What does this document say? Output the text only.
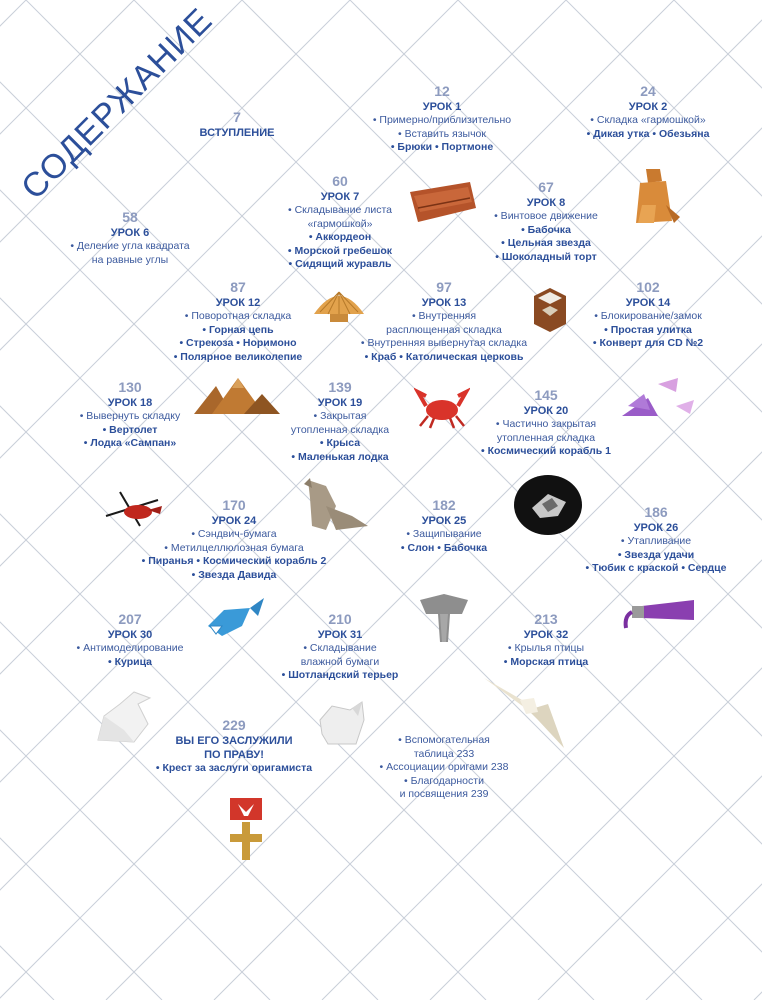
СОДЕРЖАНИЕ 7
ВСТУПЛЕНИЕ
12
УРОК 1
• Примерно/приблизительно
• Вставить язычок
• Брюки • Портмоне
24
УРОК 2
• Складка «гармошкой»
• Дикая утка • Обезьяна
58
УРОК 6
• Деление угла квадрата
на равные углы
60
УРОК 7
• Складывание листа
«гармошкой»
• Аккордеон
• Морской гребешок
• Сидящий журавль
67
УРОК 8
• Винтовое движение
• Бабочка
• Цельная звезда
• Шоколадный торт
87
УРОК 12
• Поворотная складка
• Горная цепь
• Стрекоза • Норимоно
• Полярное великолепие
97
УРОК 13
• Внутренняя
расплющенная складка
• Внутренняя вывернутая складка
• Краб • Католическая церковь
102
УРОК 14
• Блокирование/замок
• Простая улитка
• Конверт для CD №2
130
УРОК 18
• Вывернуть складку
• Вертолет
• Лодка «Сампан»
139
УРОК 19
• Закрытая
утопленная складка
• Крыса
• Маленькая лодка
145
УРОК 20
• Частично закрытая
утопленная складка
• Космический корабль 1
170
УРОК 24
• Сэндвич-бумага
• Метилцеллюлозная бумага
• Пиранья • Космический корабль 2
• Звезда Давида
182
УРОК 25
• Защипывание
• Слон • Бабочка
186
УРОК 26
• Утапливание
• Звезда удачи
• Тюбик с краской • Сердце
207
УРОК 30
• Антимоделирование
• Курица
210
УРОК 31
• Складывание
влажной бумаги
• Шотландский терьер
213
УРОК 32
• Крылья птицы
• Морская птица
229
ВЫ ЕГО ЗАСЛУЖИЛИ ПО ПРАВУ!
• Крест за заслуги оригамиста
• Вспомогательная
таблица 233
• Ассоциации оригами 238
• Благодарности
и посвящения 239
